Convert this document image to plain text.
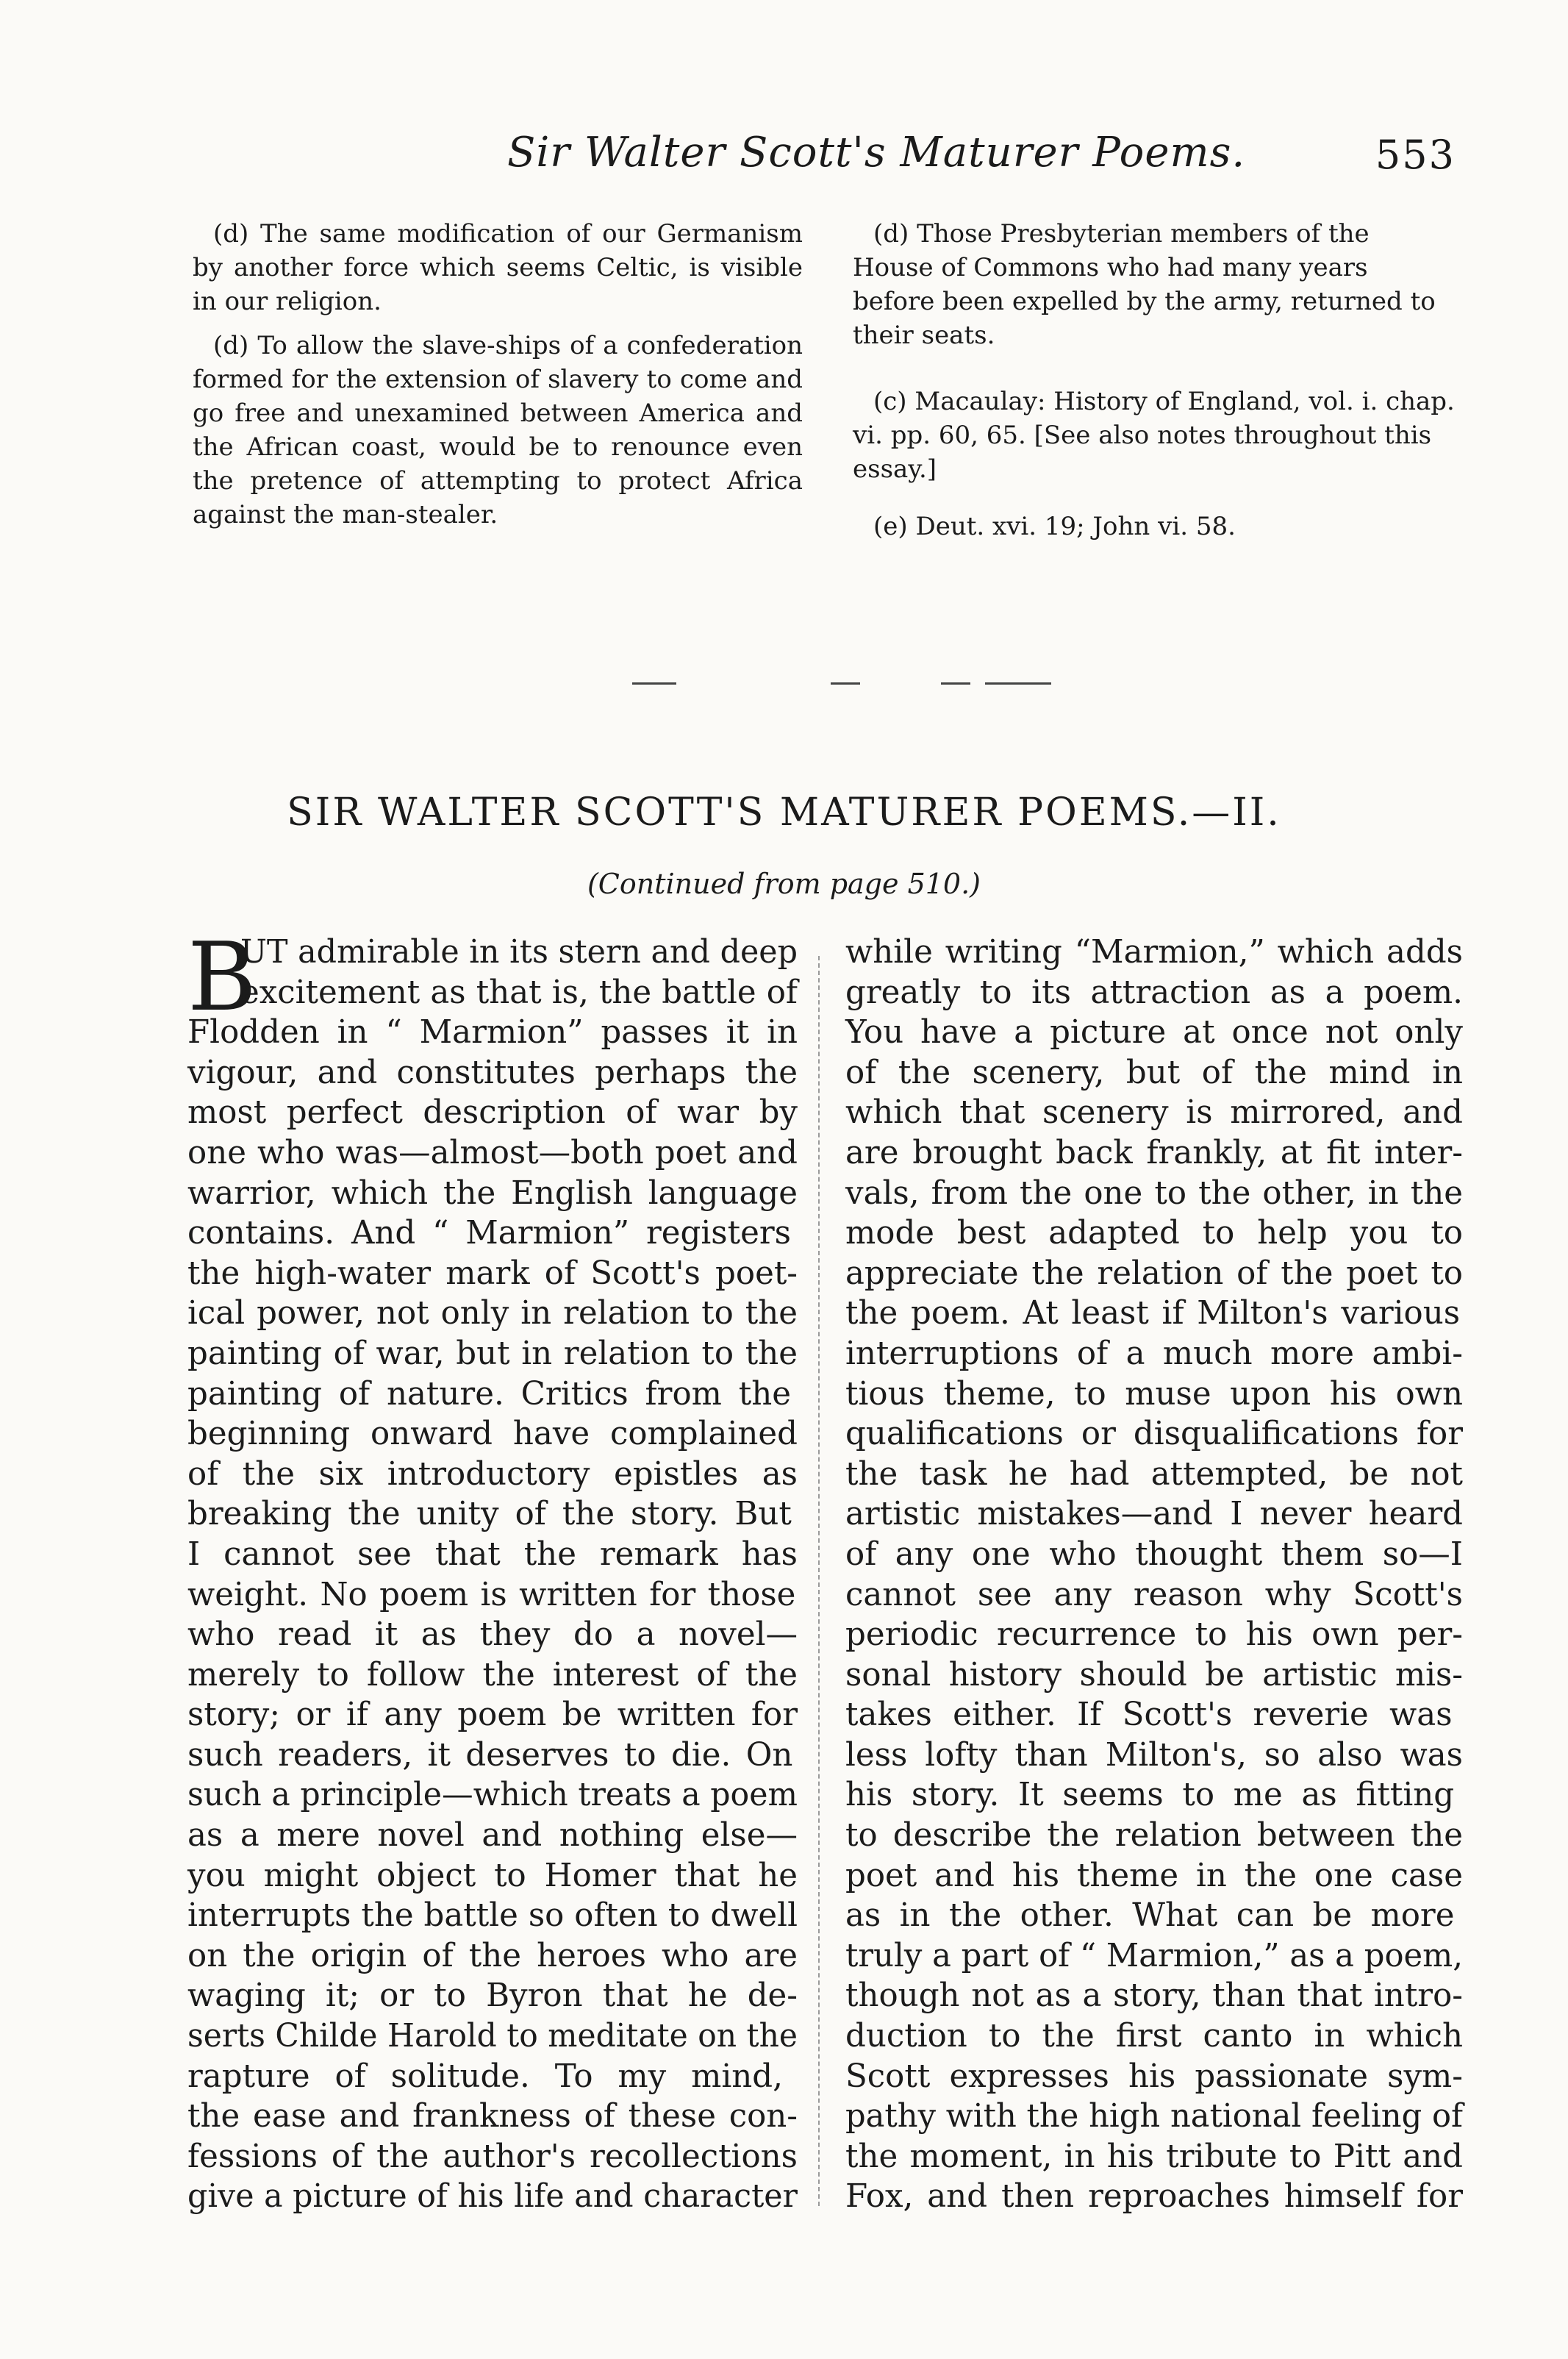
Sir Walter Scott's Maturer Poems.	553

(d) The same modification of our Germanism by another force which seems Celtic, is visible in our religion.

(d) To allow the slave-ships of a confederation formed for the extension of slavery to come and go free and unexamined between America and the African coast, would be to renounce even the pretence of attempting to protect Africa against the man-stealer.

(d) Those Presbyterian members of the House of Commons who had many years before been expelled by the army, returned to their seats.

(c) Macaulay: History of England, vol. i. chap. vi. pp. 60, 65. [See also notes throughout this essay.]

(e) Deut. xvi. 19; John vi. 58.

SIR WALTER SCOTT'S MATURER POEMS.—II.
(Continued from page 510.)
B
UT admirable in its stern and deep
excitement as that is, the battle of
Flodden in “ Marmion” passes it in
vigour, and constitutes perhaps the
most perfect description of war by
one who was—almost—both poet and
warrior, which the English language
contains. And “ Marmion” registers
the high-water mark of Scott's poet-
ical power, not only in relation to the
painting of war, but in relation to the
painting of nature. Critics from the
beginning onward have complained
of the six introductory epistles as
breaking the unity of the story. But
I cannot see that the remark has
weight. No poem is written for those
who read it as they do a novel—
merely to follow the interest of the
story; or if any poem be written for
such readers, it deserves to die. On
such a principle—which treats a poem
as a mere novel and nothing else—
you might object to Homer that he
interrupts the battle so often to dwell
on the origin of the heroes who are
waging it; or to Byron that he de-
serts Childe Harold to meditate on the
rapture of solitude. To my mind,
the ease and frankness of these con-
fessions of the author's recollections
give a picture of his life and character
while writing “Marmion,” which adds
greatly to its attraction as a poem.
You have a picture at once not only
of the scenery, but of the mind in
which that scenery is mirrored, and
are brought back frankly, at fit inter-
vals, from the one to the other, in the
mode best adapted to help you to
appreciate the relation of the poet to
the poem. At least if Milton's various
interruptions of a much more ambi-
tious theme, to muse upon his own
qualifications or disqualifications for
the task he had attempted, be not
artistic mistakes—and I never heard
of any one who thought them so—I
cannot see any reason why Scott's
periodic recurrence to his own per-
sonal history should be artistic mis-
takes either. If Scott's reverie was
less lofty than Milton's, so also was
his story. It seems to me as fitting
to describe the relation between the
poet and his theme in the one case
as in the other. What can be more
truly a part of “ Marmion,” as a poem,
though not as a story, than that intro-
duction to the first canto in which
Scott expresses his passionate sym-
pathy with the high national feeling of
the moment, in his tribute to Pitt and
Fox, and then reproaches himself for
